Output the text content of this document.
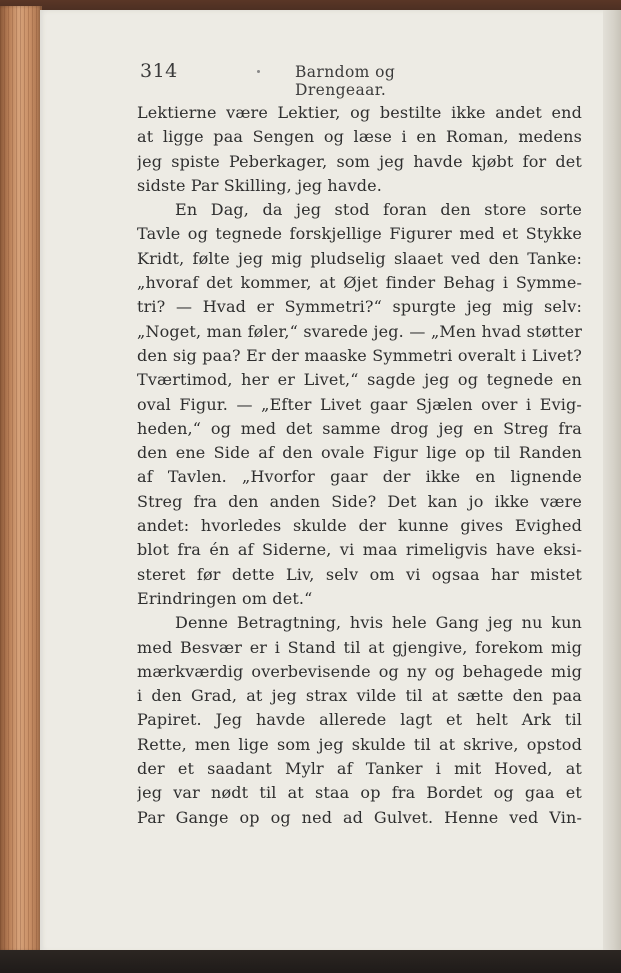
314	Barndom og Drengeaar.
Lektierne være Lektier, og bestilte ikke andet end
at ligge paa Sengen og læse i en Roman, medens
jeg spiste Peberkager, som jeg havde kjøbt for det
sidste Par Skilling, jeg havde.
En Dag, da jeg stod foran den store sorte
Tavle og tegnede forskjellige Figurer med et Stykke
Kridt, følte jeg mig pludselig slaaet ved den Tanke:
„hvoraf det kommer, at Øjet finder Behag i Symme-
tri? — Hvad er Symmetri?“ spurgte jeg mig selv:
„Noget, man føler,“ svarede jeg. — „Men hvad støtter
den sig paa? Er der maaske Symmetri overalt i Livet?
Tværtimod, her er Livet,“ sagde jeg og tegnede en
oval Figur. — „Efter Livet gaar Sjælen over i Evig-
heden,“ og med det samme drog jeg en Streg fra
den ene Side af den ovale Figur lige op til Randen
af Tavlen. „Hvorfor gaar der ikke en lignende
Streg fra den anden Side? Det kan jo ikke være
andet: hvorledes skulde der kunne gives Evighed
blot fra én af Siderne, vi maa rimeligvis have eksi-
steret før dette Liv, selv om vi ogsaa har mistet
Erindringen om det.“
Denne Betragtning, hvis hele Gang jeg nu kun
med Besvær er i Stand til at gjengive, forekom mig
mærkværdig overbevisende og ny og behagede mig
i den Grad, at jeg strax vilde til at sætte den paa
Papiret. Jeg havde allerede lagt et helt Ark til
Rette, men lige som jeg skulde til at skrive, opstod
der et saadant Mylr af Tanker i mit Hoved, at
jeg var nødt til at staa op fra Bordet og gaa et
Par Gange op og ned ad Gulvet. Henne ved Vin-
